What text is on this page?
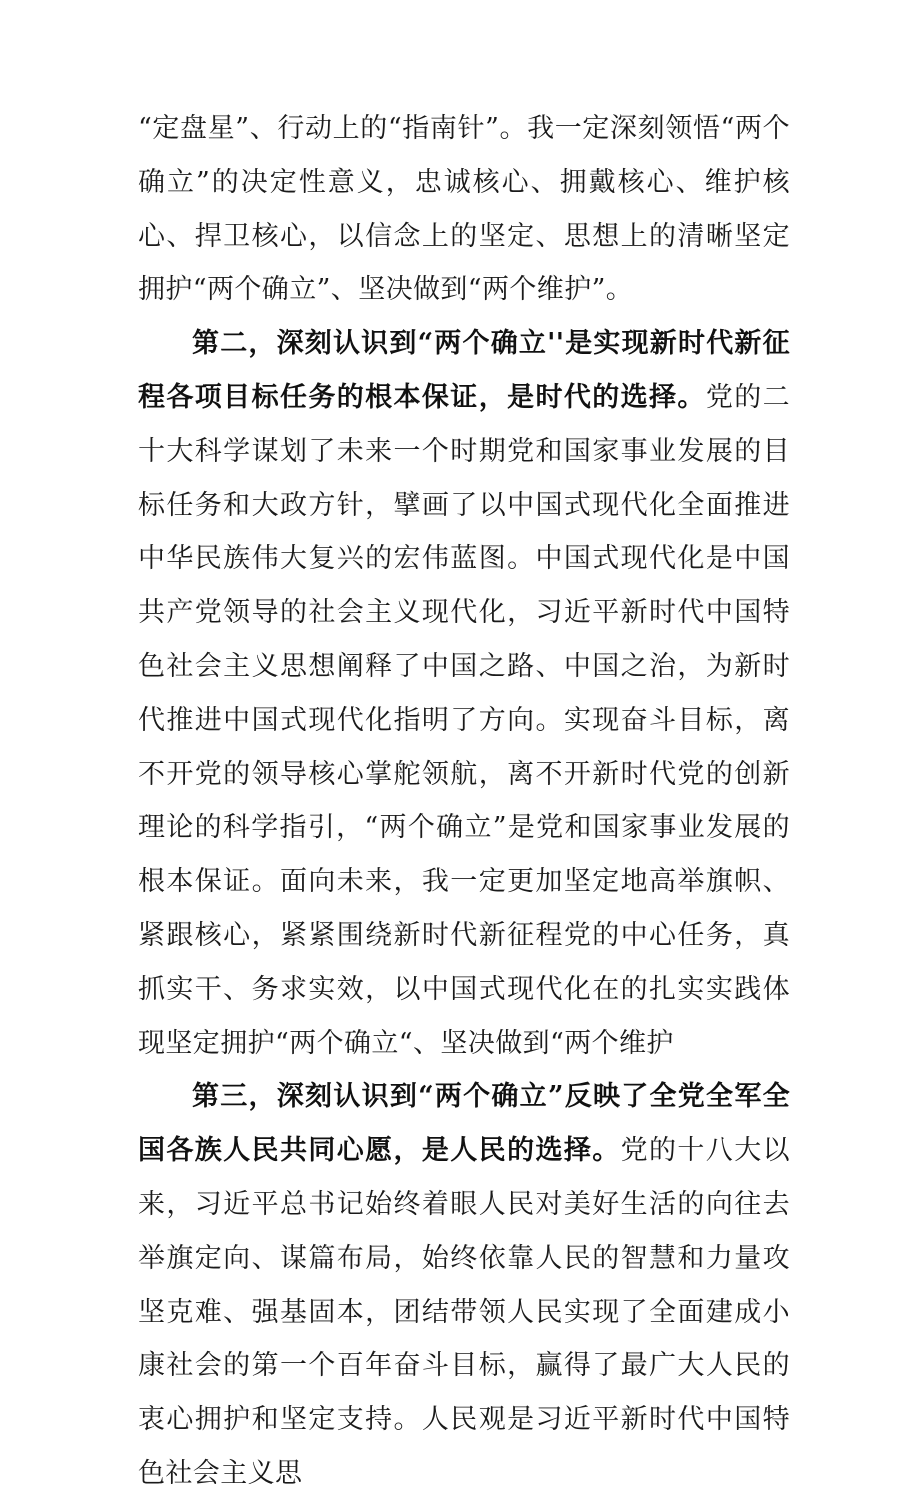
“定盘星”、行动上的“指南针”。我一定深刻领悟“两个确立”的决定性意义，忠诚核心、拥戴核心、维护核心、捍卫核心，以信念上的坚定、思想上的清晰坚定拥护“两个确立”、坚决做到“两个维护”。

第二，深刻认识到“两个确立''是实现新时代新征程各项目标任务的根本保证，是时代的选择。党的二十大科学谋划了未来一个时期党和国家事业发展的目标任务和大政方针，擘画了以中国式现代化全面推进中华民族伟大复兴的宏伟蓝图。中国式现代化是中国共产党领导的社会主义现代化，习近平新时代中国特色社会主义思想阐释了中国之路、中国之治，为新时代推进中国式现代化指明了方向。实现奋斗目标，离不开党的领导核心掌舵领航，离不开新时代党的创新理论的科学指引，“两个确立”是党和国家事业发展的根本保证。面向未来，我一定更加坚定地高举旗帜、紧跟核心，紧紧围绕新时代新征程党的中心任务，真抓实干、务求实效，以中国式现代化在的扎实实践体现坚定拥护“两个确立“、坚决做到“两个维护

第三，深刻认识到“两个确立”反映了全党全军全国各族人民共同心愿，是人民的选择。党的十八大以来，习近平总书记始终着眼人民对美好生活的向往去举旗定向、谋篇布局，始终依靠人民的智慧和力量攻坚克难、强基固本，团结带领人民实现了全面建成小康社会的第一个百年奋斗目标，赢得了最广大人民的衷心拥护和坚定支持。人民观是习近平新时代中国特色社会主义思
